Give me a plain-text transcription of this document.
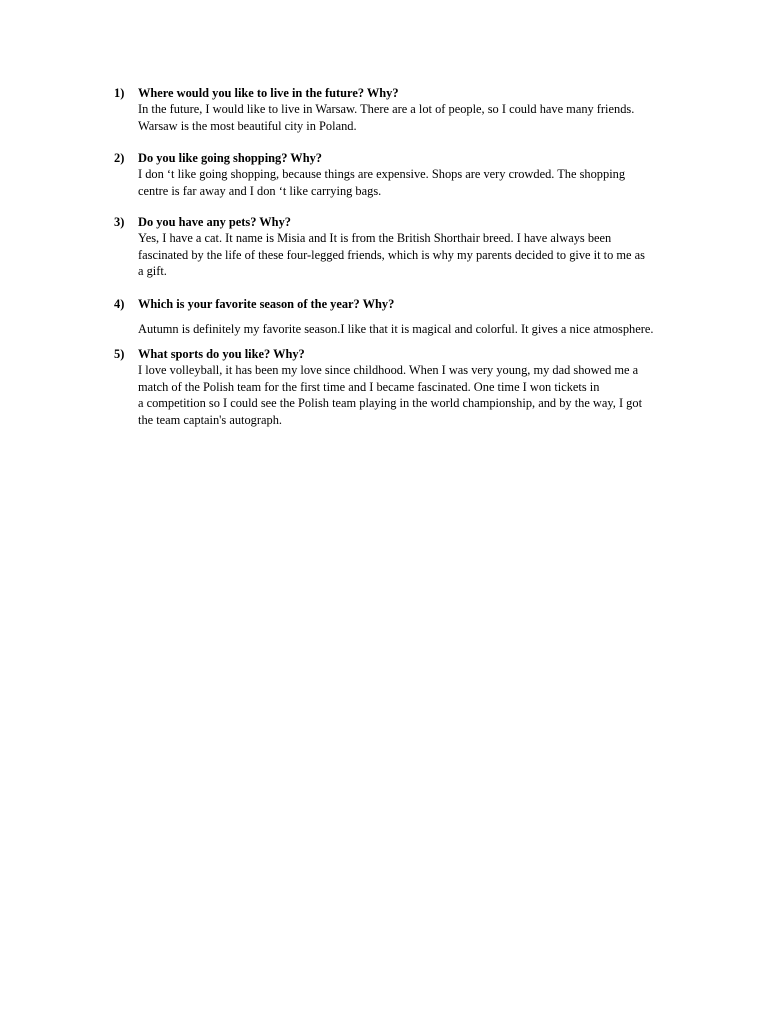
1) Where would you like to live in the future? Why?
In the future, I would like to live in Warsaw. There are a lot of people, so I could have many friends.
Warsaw is the most beautiful city in Poland.
2) Do you like going shopping? Why?
I don ‘t like going shopping, because things are expensive. Shops are very crowded. The shopping
centre is far away and I don ‘t like carrying bags.
3) Do you have any pets? Why?
Yes, I have a cat. It name is Misia and It is from the British Shorthair breed. I have always been
fascinated by the life of these four-legged friends, which is why my parents decided to give it to me as
a gift.
4) Which is your favorite season of the year? Why?
Autumn is definitely my favorite season.I like that it is magical and colorful. It gives a nice atmosphere.
5) What sports do you like? Why?
I love volleyball, it has been my love since childhood. When I was very young, my dad showed me a
match of the Polish team for the first time and I became fascinated. One time I won tickets in
a competition so I could see the Polish team playing in the world championship, and by the way, I got
the team captain's autograph.
